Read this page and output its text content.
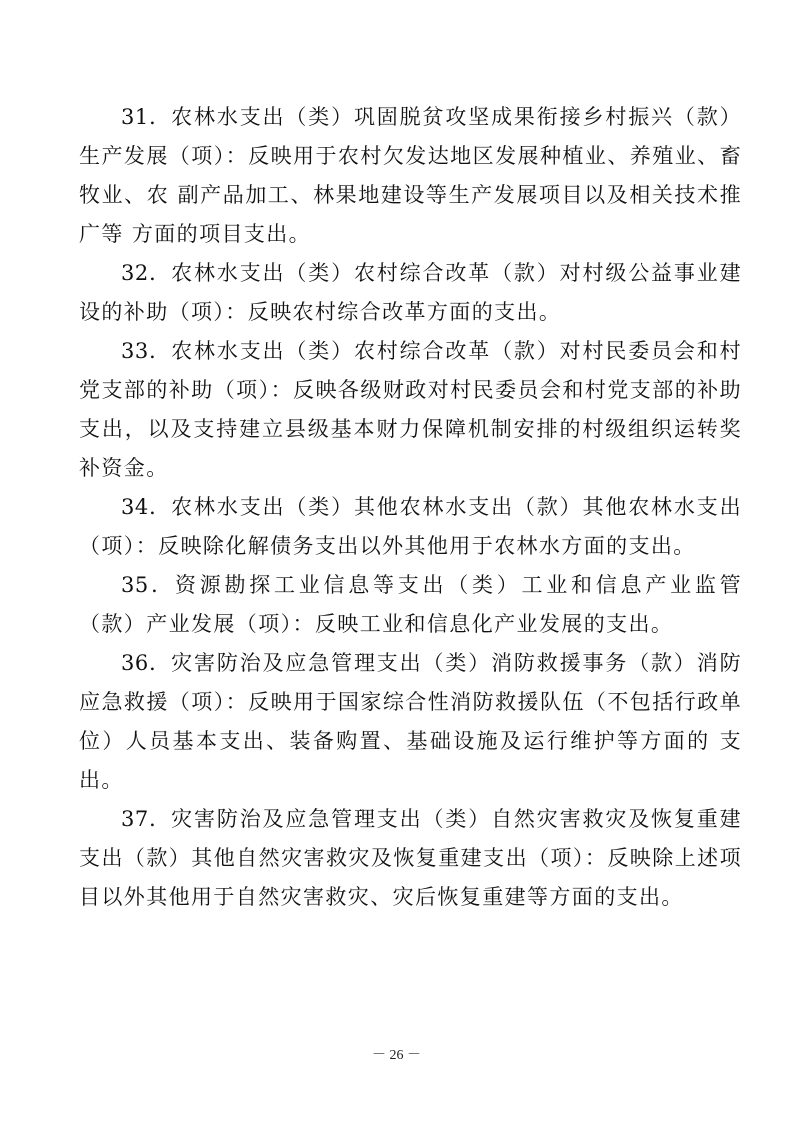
31．农林水支出（类）巩固脱贫攻坚成果衔接乡村振兴（款）生产发展（项）：反映用于农村欠发达地区发展种植业、养殖业、畜牧业、农 副产品加工、林果地建设等生产发展项目以及相关技术推广等 方面的项目支出。

32．农林水支出（类）农村综合改革（款）对村级公益事业建设的补助（项）：反映农村综合改革方面的支出。

33．农林水支出（类）农村综合改革（款）对村民委员会和村党支部的补助（项）：反映各级财政对村民委员会和村党支部的补助支出，以及支持建立县级基本财力保障机制安排的村级组织运转奖补资金。

34．农林水支出（类）其他农林水支出（款）其他农林水支出（项）：反映除化解债务支出以外其他用于农林水方面的支出。

35．资源勘探工业信息等支出（类）工业和信息产业监管（款）产业发展（项）：反映工业和信息化产业发展的支出。

36．灾害防治及应急管理支出（类）消防救援事务（款）消防应急救援（项）：反映用于国家综合性消防救援队伍（不包括行政单位）人员基本支出、装备购置、基础设施及运行维护等方面的 支出。

37．灾害防治及应急管理支出（类）自然灾害救灾及恢复重建支出（款）其他自然灾害救灾及恢复重建支出（项）：反映除上述项目以外其他用于自然灾害救灾、灾后恢复重建等方面的支出。

－ 26 －
